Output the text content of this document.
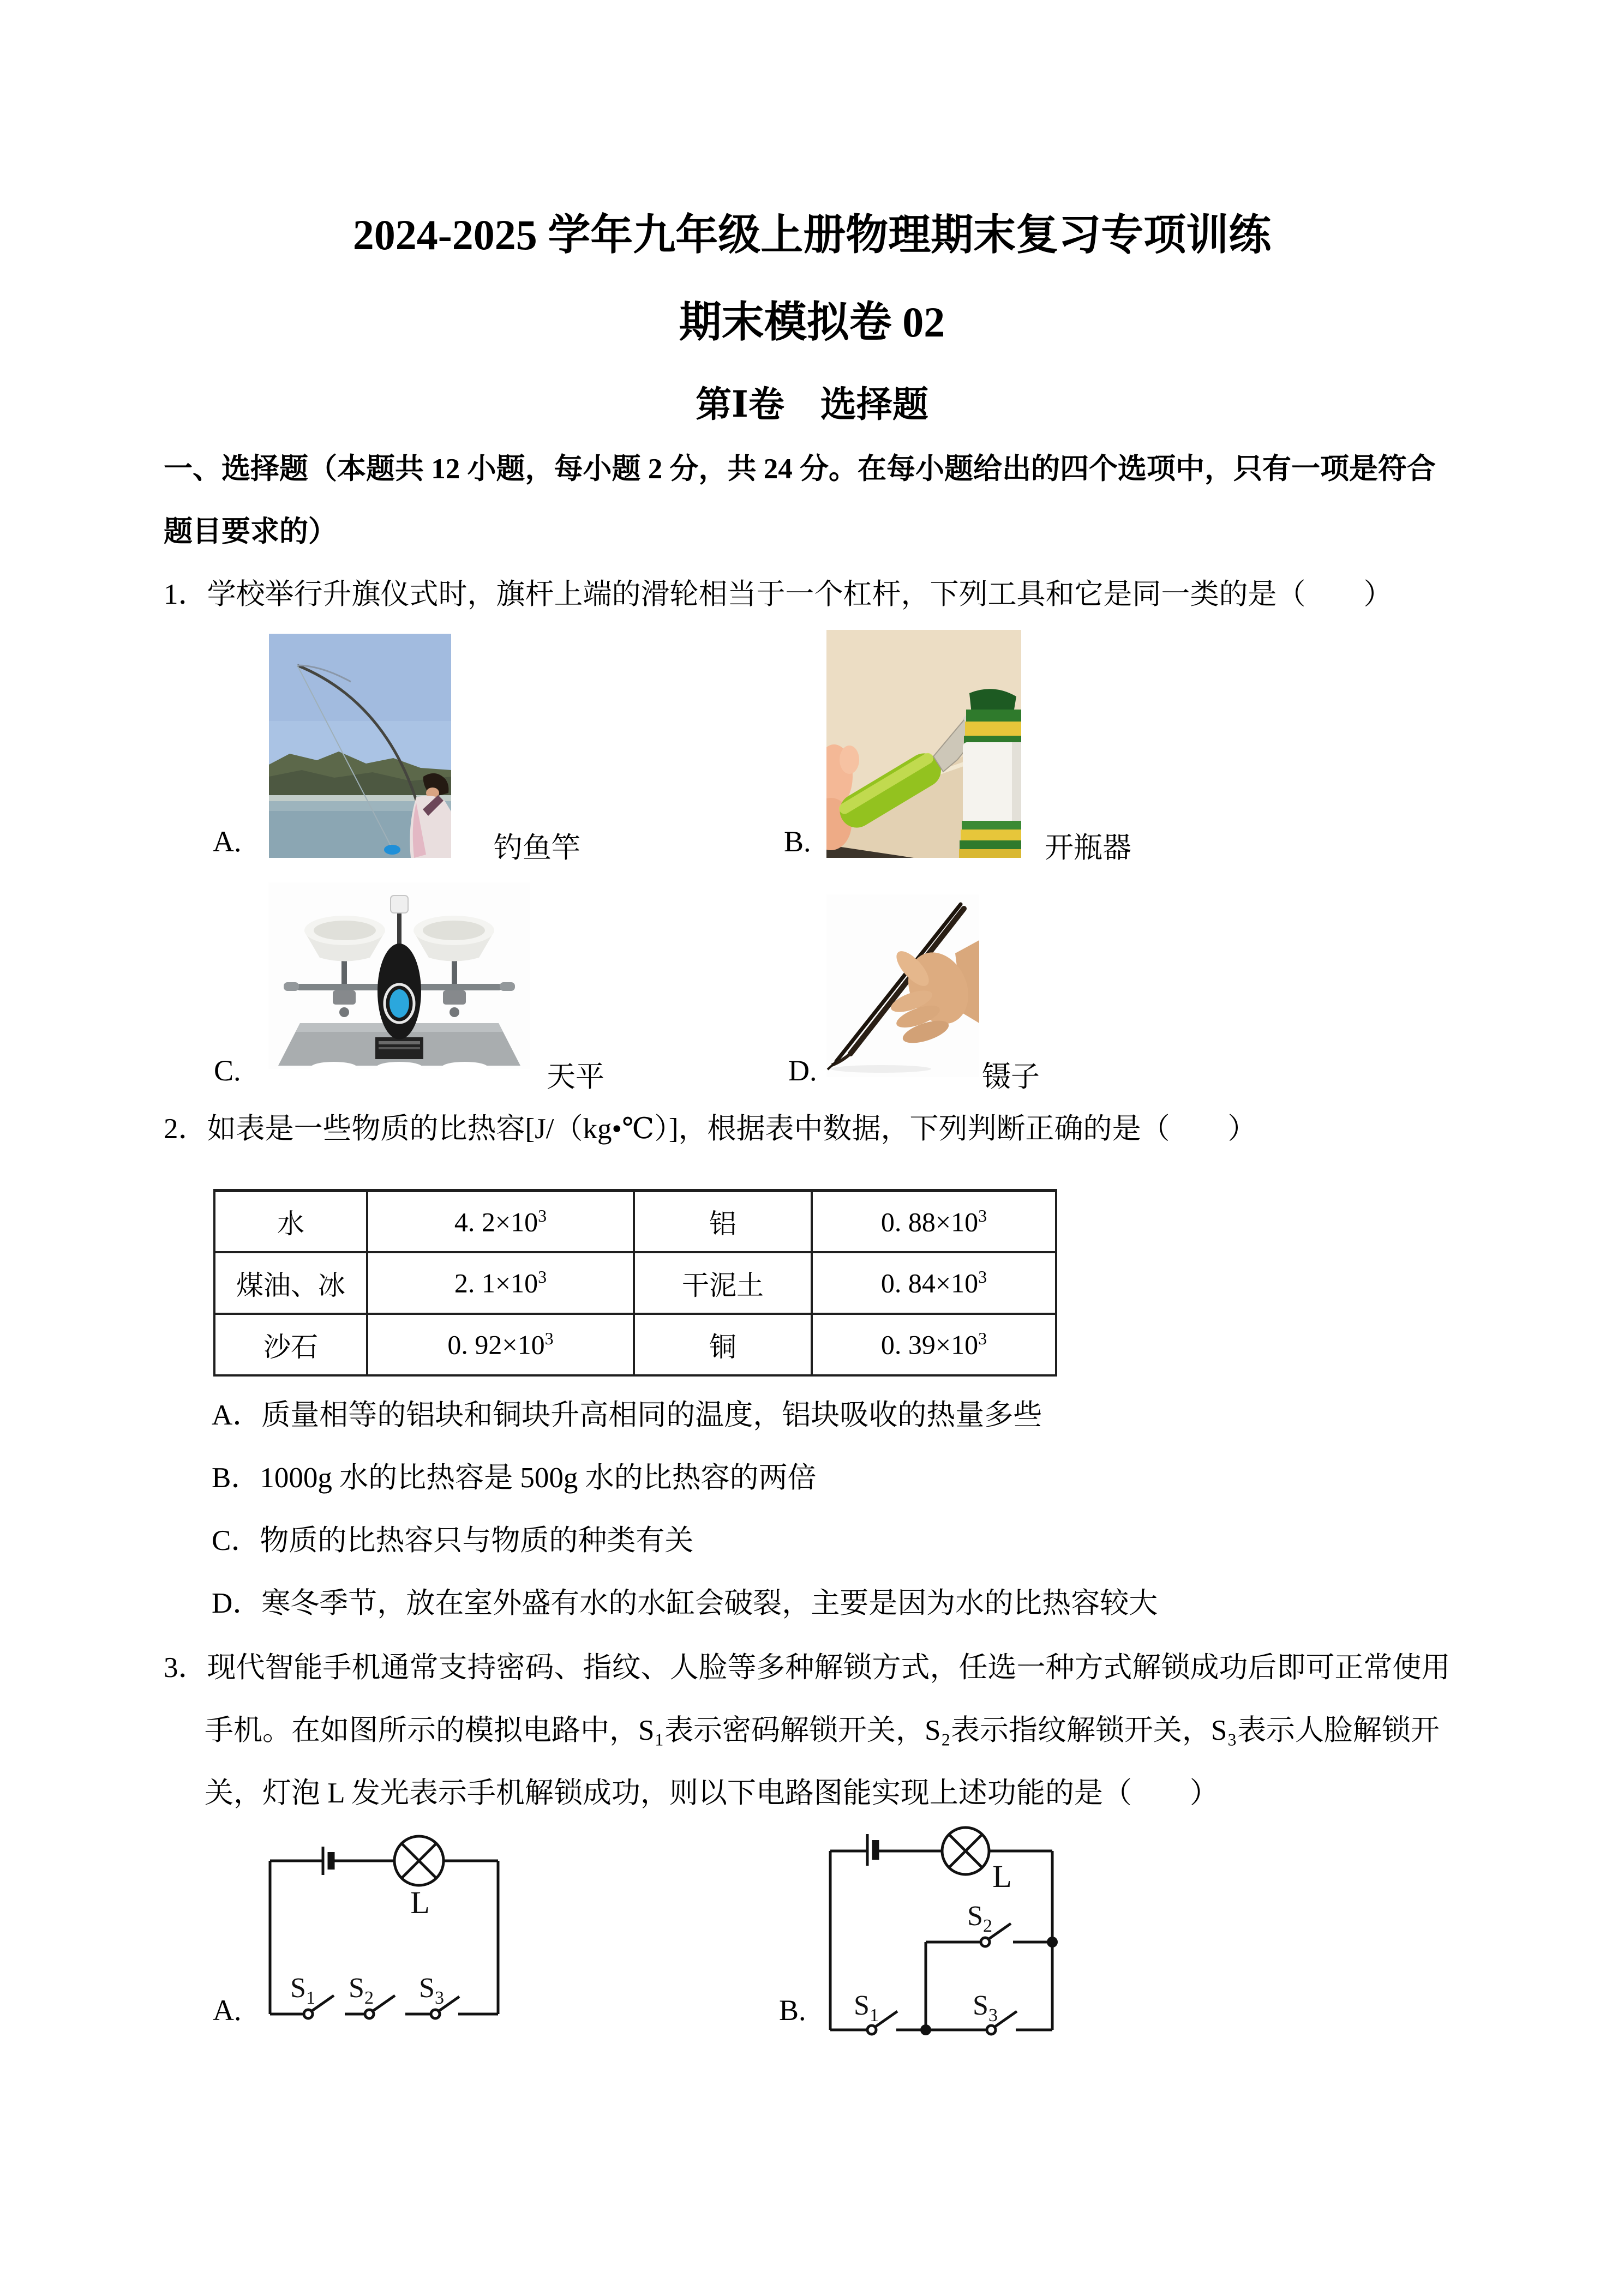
2024-2025 学年九年级上册物理期末复习专项训练
期末模拟卷 02
第Ⅰ卷　选择题
一、选择题（本题共 12 小题，每小题 2 分，共 24 分。在每小题给出的四个选项中，只有一项是符合
题目要求的）
1．学校举行升旗仪式时，旗杆上端的滑轮相当于一个杠杆，下列工具和它是同一类的是（　　）
A.	钓鱼竿	B.	开瓶器
C.	天平	D.	镊子
2．如表是一些物质的比热容[J/（kg•℃）]，根据表中数据，下列判断正确的是（　　）
水	4. $2\times 10^3$	铝	0. $88\times 10^3$
煤油、冰	2. $1\times 10^3$	干泥土	0. $84\times 10^3$
沙石	0. $92\times 10^3$	铜	0. $39\times 10^3$
A．质量相等的铝块和铜块升高相同的温度，铝块吸收的热量多些
B．1000g 水的比热容是 500g 水的比热容的两倍
C．物质的比热容只与物质的种类有关
D．寒冬季节，放在室外盛有水的水缸会破裂，主要是因为水的比热容较大
3．现代智能手机通常支持密码、指纹、人脸等多种解锁方式，任选一种方式解锁成功后即可正常使用
手机。在如图所示的模拟电路中，S₁表示密码解锁开关，S₂表示指纹解锁开关，S₃表示人脸解锁开
关，灯泡 L 发光表示手机解锁成功，则以下电路图能实现上述功能的是（　　）
A.
L
$S_1$ $S_2$ $S_3$	B.
L
$S_2$
$S_1$	$S_3$
